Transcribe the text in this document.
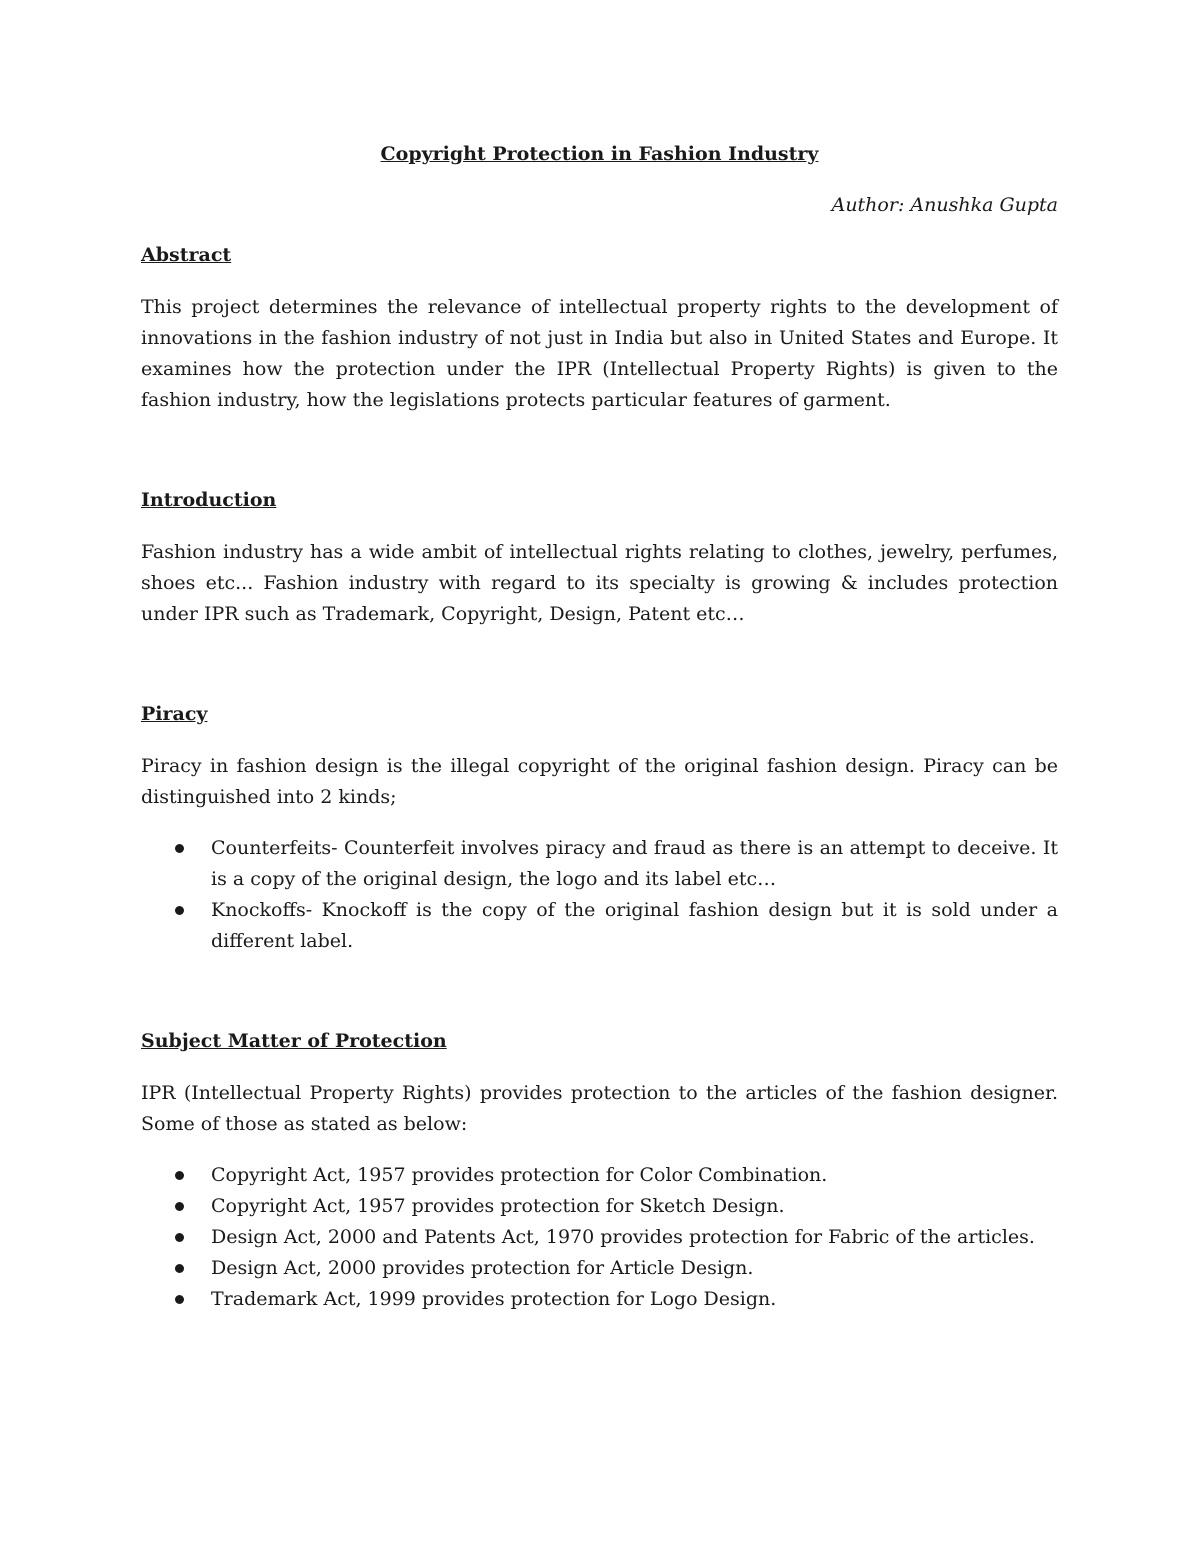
Copyright Protection in Fashion Industry

Author: Anushka Gupta

Abstract

This project determines the relevance of intellectual property rights to the development of innovations in the fashion industry of not just in India but also in United States and Europe. It examines how the protection under the IPR (Intellectual Property Rights) is given to the fashion industry, how the legislations protects particular features of garment.

Introduction

Fashion industry has a wide ambit of intellectual rights relating to clothes, jewelry, perfumes, shoes etc... Fashion industry with regard to its specialty is growing & includes protection under IPR such as Trademark, Copyright, Design, Patent etc…

Piracy

Piracy in fashion design is the illegal copyright of the original fashion design. Piracy can be distinguished into 2 kinds;

Counterfeits- Counterfeit involves piracy and fraud as there is an attempt to deceive. It is a copy of the original design, the logo and its label etc…
Knockoffs- Knockoff is the copy of the original fashion design but it is sold under a different label.
Subject Matter of Protection

IPR (Intellectual Property Rights) provides protection to the articles of the fashion designer. Some of those as stated as below:

Copyright Act, 1957 provides protection for Color Combination.
Copyright Act, 1957 provides protection for Sketch Design.
Design Act, 2000 and Patents Act, 1970 provides protection for Fabric of the articles.
Design Act, 2000 provides protection for Article Design.
Trademark Act, 1999 provides protection for Logo Design.
